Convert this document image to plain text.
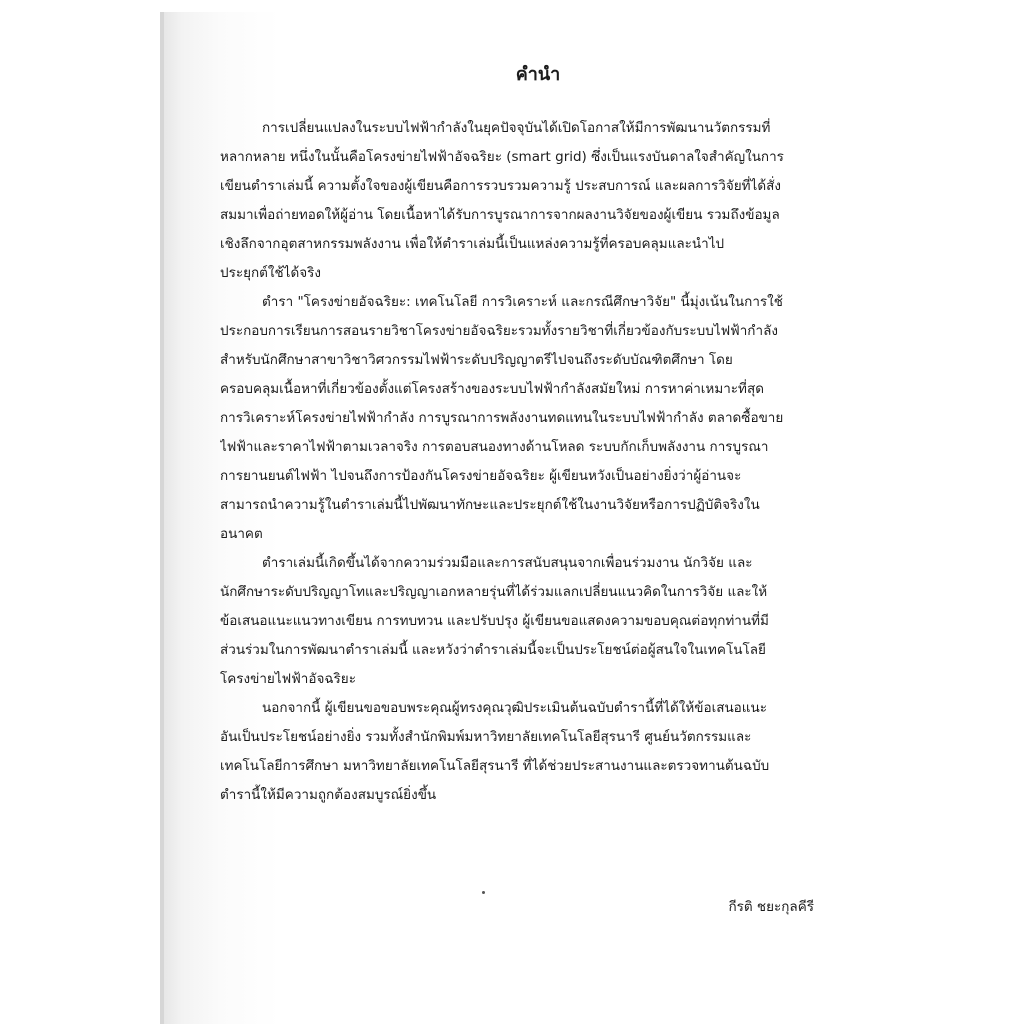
คำนำ

การเปลี่ยนแปลงในระบบไฟฟ้ากำลังในยุคปัจจุบันได้เปิดโอกาสให้มีการพัฒนานวัตกรรมที่
หลากหลาย หนึ่งในนั้นคือโครงข่ายไฟฟ้าอัจฉริยะ (smart grid) ซึ่งเป็นแรงบันดาลใจสำคัญในการ
เขียนตำราเล่มนี้ ความตั้งใจของผู้เขียนคือการรวบรวมความรู้ ประสบการณ์ และผลการวิจัยที่ได้สั่ง
สมมาเพื่อถ่ายทอดให้ผู้อ่าน โดยเนื้อหาได้รับการบูรณาการจากผลงานวิจัยของผู้เขียน รวมถึงข้อมูล
เชิงลึกจากอุตสาหกรรมพลังงาน เพื่อให้ตำราเล่มนี้เป็นแหล่งความรู้ที่ครอบคลุมและนำไป
ประยุกต์ใช้ได้จริง

ตำรา "โครงข่ายอัจฉริยะ: เทคโนโลยี การวิเคราะห์ และกรณีศึกษาวิจัย" นี้มุ่งเน้นในการใช้
ประกอบการเรียนการสอนรายวิชาโครงข่ายอัจฉริยะรวมทั้งรายวิชาที่เกี่ยวข้องกับระบบไฟฟ้ากำลัง
สำหรับนักศึกษาสาขาวิชาวิศวกรรมไฟฟ้าระดับปริญญาตรีไปจนถึงระดับบัณฑิตศึกษา โดย
ครอบคลุมเนื้อหาที่เกี่ยวข้องตั้งแต่โครงสร้างของระบบไฟฟ้ากำลังสมัยใหม่ การหาค่าเหมาะที่สุด
การวิเคราะห์โครงข่ายไฟฟ้ากำลัง การบูรณาการพลังงานทดแทนในระบบไฟฟ้ากำลัง ตลาดซื้อขาย
ไฟฟ้าและราคาไฟฟ้าตามเวลาจริง การตอบสนองทางด้านโหลด ระบบกักเก็บพลังงาน การบูรณา
การยานยนต์ไฟฟ้า ไปจนถึงการป้องกันโครงข่ายอัจฉริยะ ผู้เขียนหวังเป็นอย่างยิ่งว่าผู้อ่านจะ
สามารถนำความรู้ในตำราเล่มนี้ไปพัฒนาทักษะและประยุกต์ใช้ในงานวิจัยหรือการปฏิบัติจริงใน
อนาคต

ตำราเล่มนี้เกิดขึ้นได้จากความร่วมมือและการสนับสนุนจากเพื่อนร่วมงาน นักวิจัย และ
นักศึกษาระดับปริญญาโทและปริญญาเอกหลายรุ่นที่ได้ร่วมแลกเปลี่ยนแนวคิดในการวิจัย และให้
ข้อเสนอแนะแนวทางเขียน การทบทวน และปรับปรุง ผู้เขียนขอแสดงความขอบคุณต่อทุกท่านที่มี
ส่วนร่วมในการพัฒนาตำราเล่มนี้ และหวังว่าตำราเล่มนี้จะเป็นประโยชน์ต่อผู้สนใจในเทคโนโลยี
โครงข่ายไฟฟ้าอัจฉริยะ

นอกจากนี้ ผู้เขียนขอขอบพระคุณผู้ทรงคุณวุฒิประเมินต้นฉบับตำรานี้ที่ได้ให้ข้อเสนอแนะ
อันเป็นประโยชน์อย่างยิ่ง รวมทั้งสำนักพิมพ์มหาวิทยาลัยเทคโนโลยีสุรนารี ศูนย์นวัตกรรมและ
เทคโนโลยีการศึกษา มหาวิทยาลัยเทคโนโลยีสุรนารี ที่ได้ช่วยประสานงานและตรวจทานต้นฉบับ
ตำรานี้ให้มีความถูกต้องสมบูรณ์ยิ่งขึ้น

กีรติ ชยะกุลคีรี
